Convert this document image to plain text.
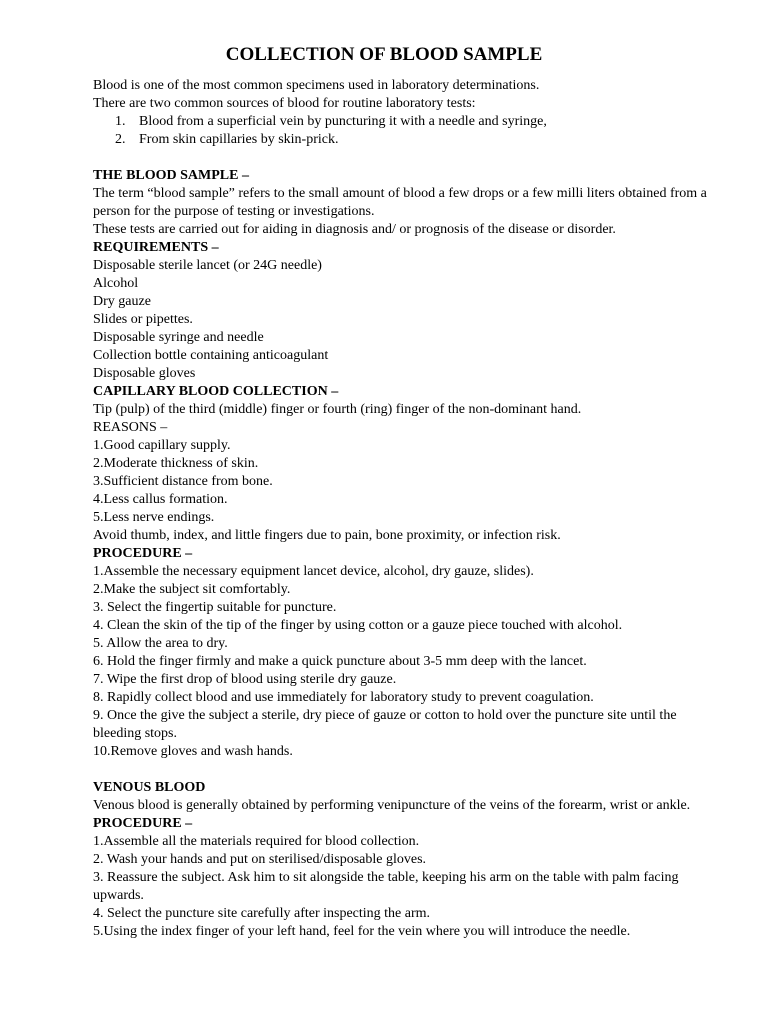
COLLECTION OF BLOOD SAMPLE

Blood is one of the most common specimens used in laboratory determinations.

There are two common sources of blood for routine laboratory tests:

1. Blood from a superficial vein by puncturing it with a needle and syringe,

2. From skin capillaries by skin-prick.

THE BLOOD SAMPLE –

The term “blood sample” refers to the small amount of blood a few drops or a few milli liters obtained from a person for the purpose of testing or investigations.

These tests are carried out for aiding in diagnosis and/ or prognosis of the disease or disorder.

REQUIREMENTS –

Disposable sterile lancet (or 24G needle)

Alcohol

Dry gauze

Slides or pipettes.

Disposable syringe and needle

Collection bottle containing anticoagulant

Disposable gloves

CAPILLARY BLOOD COLLECTION –

Tip (pulp) of the third (middle) finger or fourth (ring) finger of the non-dominant hand.

REASONS –

1.Good capillary supply.

2.Moderate thickness of skin.

3.Sufficient distance from bone.

4.Less callus formation.

5.Less nerve endings.

Avoid thumb, index, and little fingers due to pain, bone proximity, or infection risk.

PROCEDURE –

1.Assemble the necessary equipment lancet device, alcohol, dry gauze, slides).

2.Make the subject sit comfortably.

3. Select the fingertip suitable for puncture.

4. Clean the skin of the tip of the finger by using cotton or a gauze piece touched with alcohol.

5. Allow the area to dry.

6. Hold the finger firmly and make a quick puncture about 3-5 mm deep with the lancet.

7. Wipe the first drop of blood using sterile dry gauze.

8. Rapidly collect blood and use immediately for laboratory study to prevent coagulation.

9. Once the give the subject a sterile, dry piece of gauze or cotton to hold over the puncture site until the bleeding stops.

10.Remove gloves and wash hands.

VENOUS BLOOD

Venous blood is generally obtained by performing venipuncture of the veins of the forearm, wrist or ankle.

PROCEDURE –

1.Assemble all the materials required for blood collection.

2. Wash your hands and put on sterilised/disposable gloves.

3. Reassure the subject. Ask him to sit alongside the table, keeping his arm on the table with palm facing upwards.

4. Select the puncture site carefully after inspecting the arm.

5.Using the index finger of your left hand, feel for the vein where you will introduce the needle.
